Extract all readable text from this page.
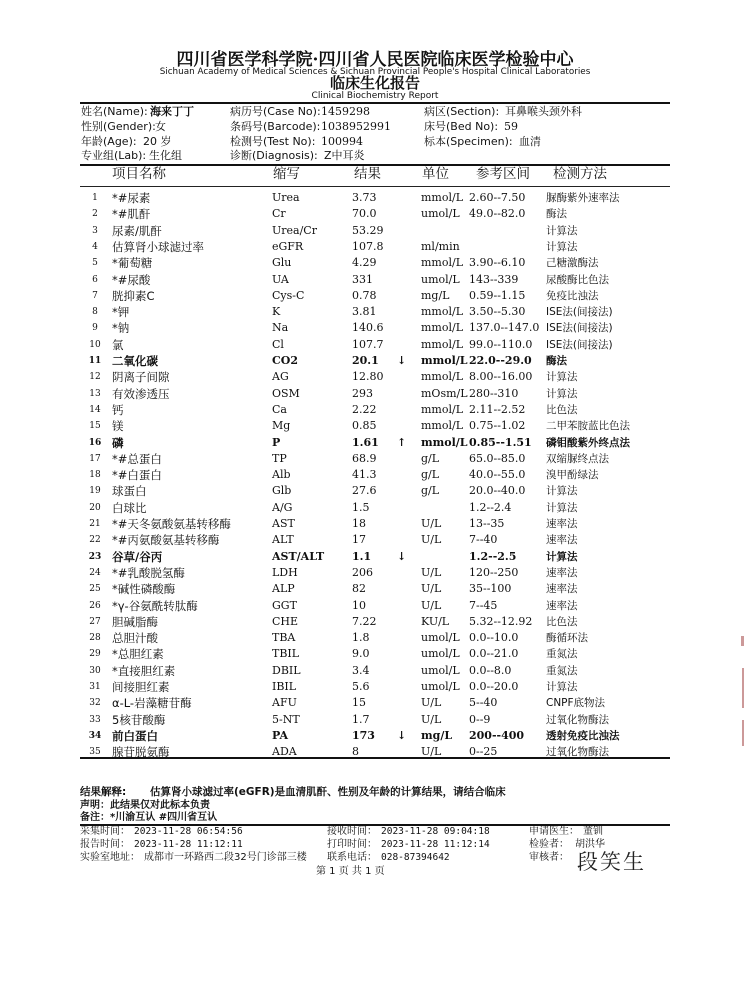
四川省医学科学院·四川省人民医院临床医学检验中心
Sichuan Academy of Medical Sciences & Sichuan Provincial People's Hospital Clinical Laboratories
临床生化报告
Clinical Biochemistry Report
姓名(Name): 海来丁丁
性别(Gender): 女
年龄(Age): 20 岁
专业组(Lab): 生化组
病历号(Case No): 1459298
条码号(Barcode): 1038952991
检测号(Test No): 100994
诊断(Diagnosis): Z中耳炎
病区(Section): 耳鼻喉头颈外科
床号(Bed No): 59
标本(Specimen): 血清
项目名称	缩写	结果	单位 参考区间 检测方法
1	*#尿素	Urea	3.73	mmol/L 2.60--7.50 脲酶紫外速率法
2	*#肌酐	Cr	70.0	umol/L 49.0--82.0 酶法
3	尿素/肌酐	Urea/Cr	53.29	计算法
4	估算肾小球滤过率	eGFR	107.8	ml/min	计算法
5	*葡萄糖	Glu	4.29	mmol/L 3.90--6.10 己糖激酶法
6	*#尿酸	UA	331	umol/L 143--339	尿酸酶比色法
7	胱抑素C	Cys-C	0.78	mg/L 0.59--1.15 免疫比浊法
8	*钾	K	3.81	mmol/L 3.50--5.30 ISE法(间接法)
9	*钠	Na	140.6	mmol/L 137.0--147.0 ISE法(间接法)
10 氯	Cl	107.7	mmol/L 99.0--110.0 ISE法(间接法)
11 二氧化碳	CO2	20.1 ↓ mmol/L 22.0--29.0 酶法
12 阴离子间隙	AG	12.80	mmol/L 8.00--16.00 计算法
13 有效渗透压	OSM	293	mOsm/L 280--310	计算法
14 钙	Ca	2.22	mmol/L 2.11--2.52 比色法
15 镁	Mg	0.85	mmol/L 0.75--1.02 二甲苯胺蓝比色法
16 磷	P	1.61 ↑ mmol/L 0.85--1.51 磷钼酸紫外终点法
17 *#总蛋白	TP	68.9	g/L	65.0--85.0 双缩脲终点法
18 *#白蛋白	Alb	41.3	g/L	40.0--55.0 溴甲酚绿法
19 球蛋白	Glb	27.6	g/L	20.0--40.0 计算法
20 白球比	A/G	1.5	1.2--2.4	计算法
21 *#天冬氨酸氨基转移酶	AST	18	U/L	13--35	速率法
22 *#丙氨酸氨基转移酶	ALT	17	U/L	7--40	速率法
23 谷草/谷丙	AST/ALT	1.1 ↓	1.2--2.5	计算法
24 *#乳酸脱氢酶	LDH	206	U/L	120--250	速率法
25 *碱性磷酸酶	ALP	82	U/L	35--100	速率法
26 *γ-谷氨酰转肽酶	GGT	10	U/L	7--45	速率法
27 胆碱脂酶	CHE	7.22	KU/L 5.32--12.92 比色法
28 总胆汁酸	TBA	1.8	umol/L 0.0--10.0	酶循环法
29 *总胆红素	TBIL	9.0	umol/L 0.0--21.0	重氮法
30 *直接胆红素	DBIL	3.4	umol/L 0.0--8.0	重氮法
31 间接胆红素	IBIL	5.6	umol/L 0.0--20.0	计算法
32 α-L-岩藻糖苷酶	AFU	15	U/L	5--40	CNPF底物法
33 5核苷酸酶	5-NT	1.7	U/L	0--9	过氧化物酶法
34 前白蛋白	PA	173 ↓ mg/L 200--400 透射免疫比浊法
35 腺苷脱氨酶	ADA	8	U/L	0--25	过氧化物酶法
结果解释: 估算肾小球滤过率(eGFR)是血清肌酐、性别及年龄的计算结果，请结合临床
声明：此结果仅对此标本负责
备注：*川渝互认 #四川省互认
采集时间： 2023-11-28 06:54:56
报告时间： 2023-11-28 11:12:11
实验室地址： 成都市一环路西二段32号门诊部三楼
接收时间： 2023-11-28 09:04:18
打印时间： 2023-11-28 11:12:14
联系电话： 028-87394642
申请医生： 董钏
检验者： 胡洪华
审核者： 段笑生
第 1 页 共 1 页
